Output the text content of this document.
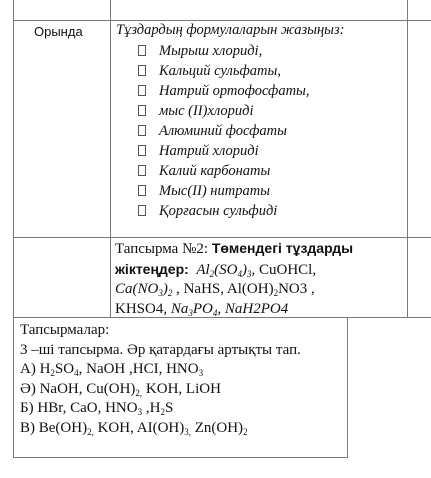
Орында Тұздардың формулаларын жазыңыз:
Мырыш хлориді,
Кальций сульфаты,
Натрий ортофосфаты,
мыс (II)хлориді
Алюминий фосфаты
Натрий хлориді
Калий карбонаты
Мыс(II) нитраты
Қорғасын сульфиді
Тапсырма №2: Төмендегі тұздарды жіктеңдер: $Al_2(SO_4)_3$, CuOHCl,
$Ca(NO_3)_2$ , NaHS, $Al(OH)_2NO3$ ,
KHSO4, $Na_3PO_4$, NaH2PO4
Тапсырмалар:
3 –ші тапсырма. Әр қатардағы артықты тап.
А) $H_2SO_4$, NaOH ,HCI, $HNO_3$
Ә) NaOH, $Cu(OH)_{2,}$ KOH, LiOH
Б) HBr, CaO, $HNO_3$ $,H_2S$
В) $Be(OH)_{2,}$ KOH, $AI(OH)_{3,}$ $Zn(OH)_2$
